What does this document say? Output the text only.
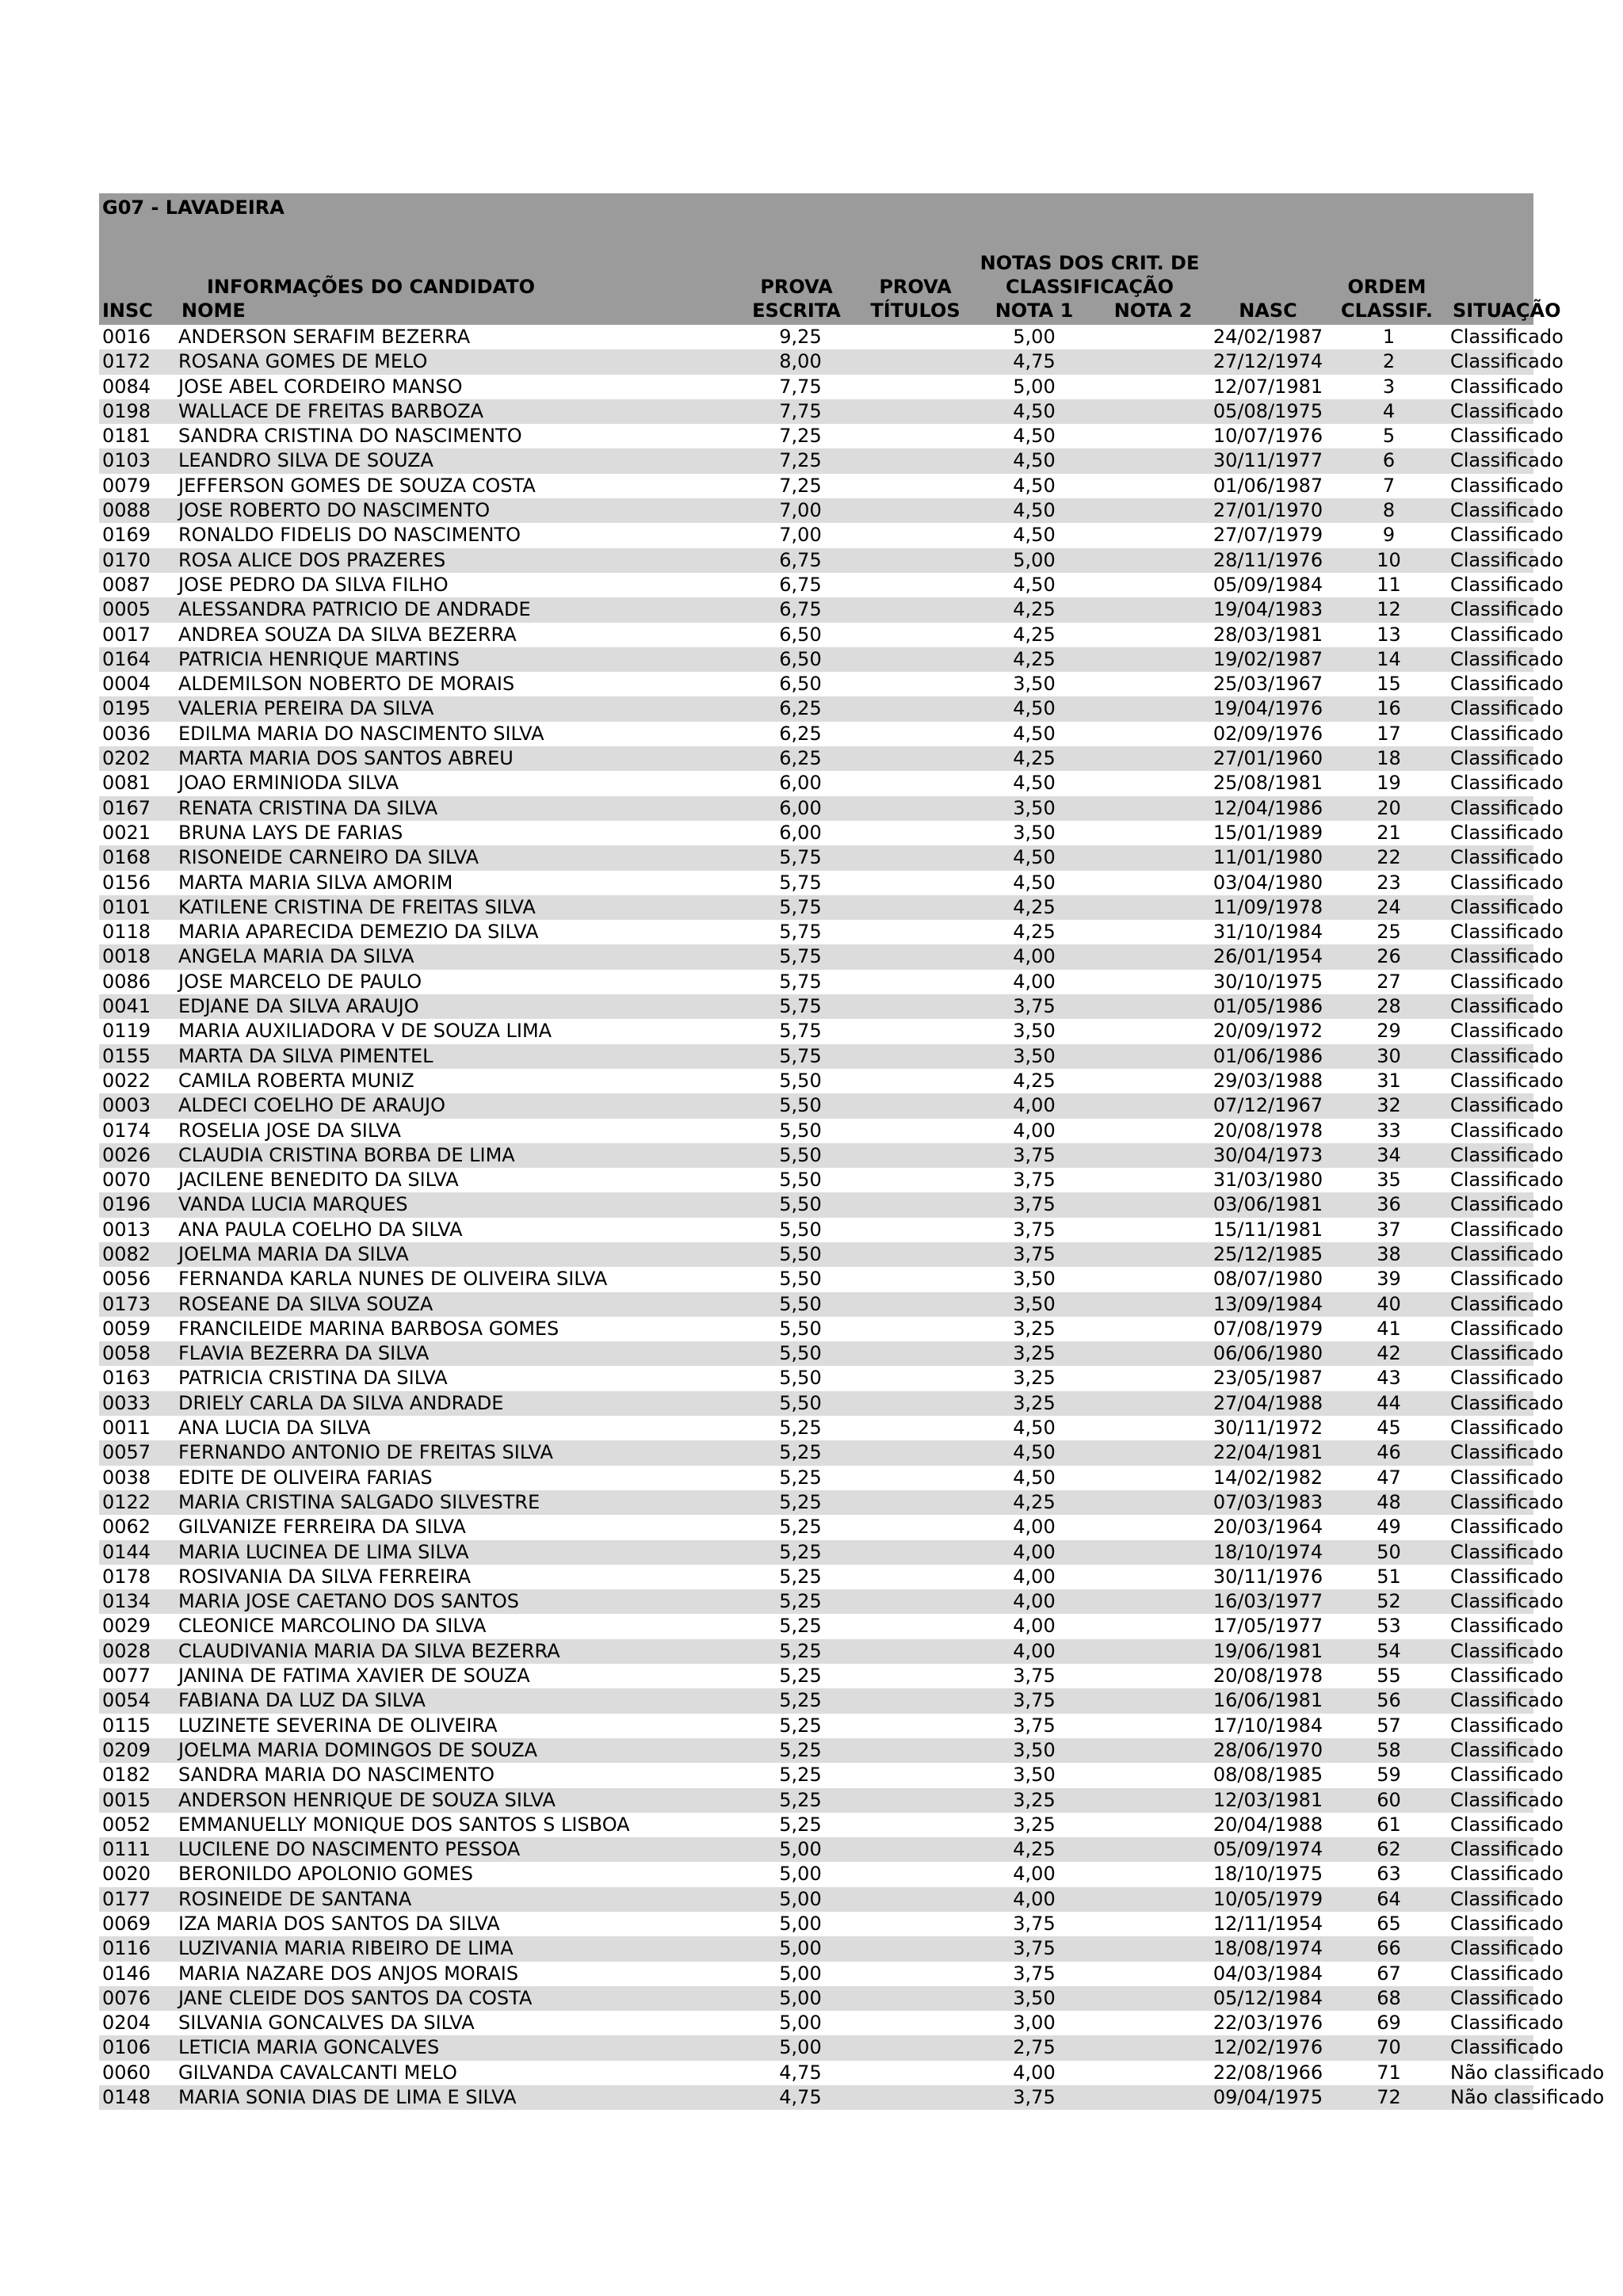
G07 - LAVADEIRA
INFORMAÇÕES DO CANDIDATO
INSC NOME
PROVA
ESCRITA
PROVA
TÍTULOS
NOTAS DOS CRIT. DE
CLASSIFICAÇÃO
NOTA 1	NOTA 2	NASC
ORDEM
CLASSIF.	SITUAÇÃO
0016	ANDERSON SERAFIM BEZERRA	9,25		5,00		24/02/1987	1	Classificado
0172	ROSANA GOMES DE MELO	8,00		4,75		27/12/1974	2	Classificado
0084	JOSE ABEL CORDEIRO MANSO	7,75		5,00		12/07/1981	3	Classificado
0198	WALLACE DE FREITAS BARBOZA	7,75		4,50		05/08/1975	4	Classificado
0181	SANDRA CRISTINA DO NASCIMENTO	7,25		4,50		10/07/1976	5	Classificado
0103	LEANDRO SILVA DE SOUZA	7,25		4,50		30/11/1977	6	Classificado
0079	JEFFERSON GOMES DE SOUZA COSTA	7,25		4,50		01/06/1987	7	Classificado
0088	JOSE ROBERTO DO NASCIMENTO	7,00		4,50		27/01/1970	8	Classificado
0169	RONALDO FIDELIS DO NASCIMENTO	7,00		4,50		27/07/1979	9	Classificado
0170	ROSA ALICE DOS PRAZERES	6,75		5,00		28/11/1976	10	Classificado
0087	JOSE PEDRO DA SILVA FILHO	6,75		4,50		05/09/1984	11	Classificado
0005	ALESSANDRA PATRICIO DE ANDRADE	6,75		4,25		19/04/1983	12	Classificado
0017	ANDREA SOUZA DA SILVA BEZERRA	6,50		4,25		28/03/1981	13	Classificado
0164	PATRICIA HENRIQUE MARTINS	6,50		4,25		19/02/1987	14	Classificado
0004	ALDEMILSON NOBERTO DE MORAIS	6,50		3,50		25/03/1967	15	Classificado
0195	VALERIA PEREIRA DA SILVA	6,25		4,50		19/04/1976	16	Classificado
0036	EDILMA MARIA DO NASCIMENTO SILVA	6,25		4,50		02/09/1976	17	Classificado
0202	MARTA MARIA DOS SANTOS ABREU	6,25		4,25		27/01/1960	18	Classificado
0081	JOAO ERMINIODA SILVA	6,00		4,50		25/08/1981	19	Classificado
0167	RENATA CRISTINA DA SILVA	6,00		3,50		12/04/1986	20	Classificado
0021	BRUNA LAYS DE FARIAS	6,00		3,50		15/01/1989	21	Classificado
0168	RISONEIDE CARNEIRO DA SILVA	5,75		4,50		11/01/1980	22	Classificado
0156	MARTA MARIA SILVA AMORIM	5,75		4,50		03/04/1980	23	Classificado
0101	KATILENE CRISTINA DE FREITAS SILVA	5,75		4,25		11/09/1978	24	Classificado
0118	MARIA APARECIDA DEMEZIO DA SILVA	5,75		4,25		31/10/1984	25	Classificado
0018	ANGELA MARIA DA SILVA	5,75		4,00		26/01/1954	26	Classificado
0086	JOSE MARCELO DE PAULO	5,75		4,00		30/10/1975	27	Classificado
0041	EDJANE DA SILVA ARAUJO	5,75		3,75		01/05/1986	28	Classificado
0119	MARIA AUXILIADORA V DE SOUZA LIMA	5,75		3,50		20/09/1972	29	Classificado
0155	MARTA DA SILVA PIMENTEL	5,75		3,50		01/06/1986	30	Classificado
0022	CAMILA ROBERTA MUNIZ	5,50		4,25		29/03/1988	31	Classificado
0003	ALDECI COELHO DE ARAUJO	5,50		4,00		07/12/1967	32	Classificado
0174	ROSELIA JOSE DA SILVA	5,50		4,00		20/08/1978	33	Classificado
0026	CLAUDIA CRISTINA BORBA DE LIMA	5,50		3,75		30/04/1973	34	Classificado
0070	JACILENE BENEDITO DA SILVA	5,50		3,75		31/03/1980	35	Classificado
0196	VANDA LUCIA MARQUES	5,50		3,75		03/06/1981	36	Classificado
0013	ANA PAULA COELHO DA SILVA	5,50		3,75		15/11/1981	37	Classificado
0082	JOELMA MARIA DA SILVA	5,50		3,75		25/12/1985	38	Classificado
0056	FERNANDA KARLA NUNES DE OLIVEIRA SILVA	5,50		3,50		08/07/1980	39	Classificado
0173	ROSEANE DA SILVA SOUZA	5,50		3,50		13/09/1984	40	Classificado
0059	FRANCILEIDE MARINA BARBOSA GOMES	5,50		3,25		07/08/1979	41	Classificado
0058	FLAVIA BEZERRA DA SILVA	5,50		3,25		06/06/1980	42	Classificado
0163	PATRICIA CRISTINA DA SILVA	5,50		3,25		23/05/1987	43	Classificado
0033	DRIELY CARLA DA SILVA ANDRADE	5,50		3,25		27/04/1988	44	Classificado
0011	ANA LUCIA DA SILVA	5,25		4,50		30/11/1972	45	Classificado
0057	FERNANDO ANTONIO DE FREITAS SILVA	5,25		4,50		22/04/1981	46	Classificado
0038	EDITE DE OLIVEIRA FARIAS	5,25		4,50		14/02/1982	47	Classificado
0122	MARIA CRISTINA SALGADO SILVESTRE	5,25		4,25		07/03/1983	48	Classificado
0062	GILVANIZE FERREIRA DA SILVA	5,25		4,00		20/03/1964	49	Classificado
0144	MARIA LUCINEA DE LIMA SILVA	5,25		4,00		18/10/1974	50	Classificado
0178	ROSIVANIA DA SILVA FERREIRA	5,25		4,00		30/11/1976	51	Classificado
0134	MARIA JOSE CAETANO DOS SANTOS	5,25		4,00		16/03/1977	52	Classificado
0029	CLEONICE MARCOLINO DA SILVA	5,25		4,00		17/05/1977	53	Classificado
0028	CLAUDIVANIA MARIA DA SILVA BEZERRA	5,25		4,00		19/06/1981	54	Classificado
0077	JANINA DE FATIMA XAVIER DE SOUZA	5,25		3,75		20/08/1978	55	Classificado
0054	FABIANA DA LUZ DA SILVA	5,25		3,75		16/06/1981	56	Classificado
0115	LUZINETE SEVERINA DE OLIVEIRA	5,25		3,75		17/10/1984	57	Classificado
0209	JOELMA MARIA DOMINGOS DE SOUZA	5,25		3,50		28/06/1970	58	Classificado
0182	SANDRA MARIA DO NASCIMENTO	5,25		3,50		08/08/1985	59	Classificado
0015	ANDERSON HENRIQUE DE SOUZA SILVA	5,25		3,25		12/03/1981	60	Classificado
0052	EMMANUELLY MONIQUE DOS SANTOS S LISBOA	5,25		3,25		20/04/1988	61	Classificado
0111	LUCILENE DO NASCIMENTO PESSOA	5,00		4,25		05/09/1974	62	Classificado
0020	BERONILDO APOLONIO GOMES	5,00		4,00		18/10/1975	63	Classificado
0177	ROSINEIDE DE SANTANA	5,00		4,00		10/05/1979	64	Classificado
0069	IZA MARIA DOS SANTOS DA SILVA	5,00		3,75		12/11/1954	65	Classificado
0116	LUZIVANIA MARIA RIBEIRO DE LIMA	5,00		3,75		18/08/1974	66	Classificado
0146	MARIA NAZARE DOS ANJOS MORAIS	5,00		3,75		04/03/1984	67	Classificado
0076	JANE CLEIDE DOS SANTOS DA COSTA	5,00		3,50		05/12/1984	68	Classificado
0204	SILVANIA GONCALVES DA SILVA	5,00		3,00		22/03/1976	69	Classificado
0106	LETICIA MARIA GONCALVES	5,00		2,75		12/02/1976	70	Classificado
0060	GILVANDA CAVALCANTI MELO	4,75		4,00		22/08/1966	71	Não classificado
0148	MARIA SONIA DIAS DE LIMA E SILVA	4,75		3,75		09/04/1975	72	Não classificado
